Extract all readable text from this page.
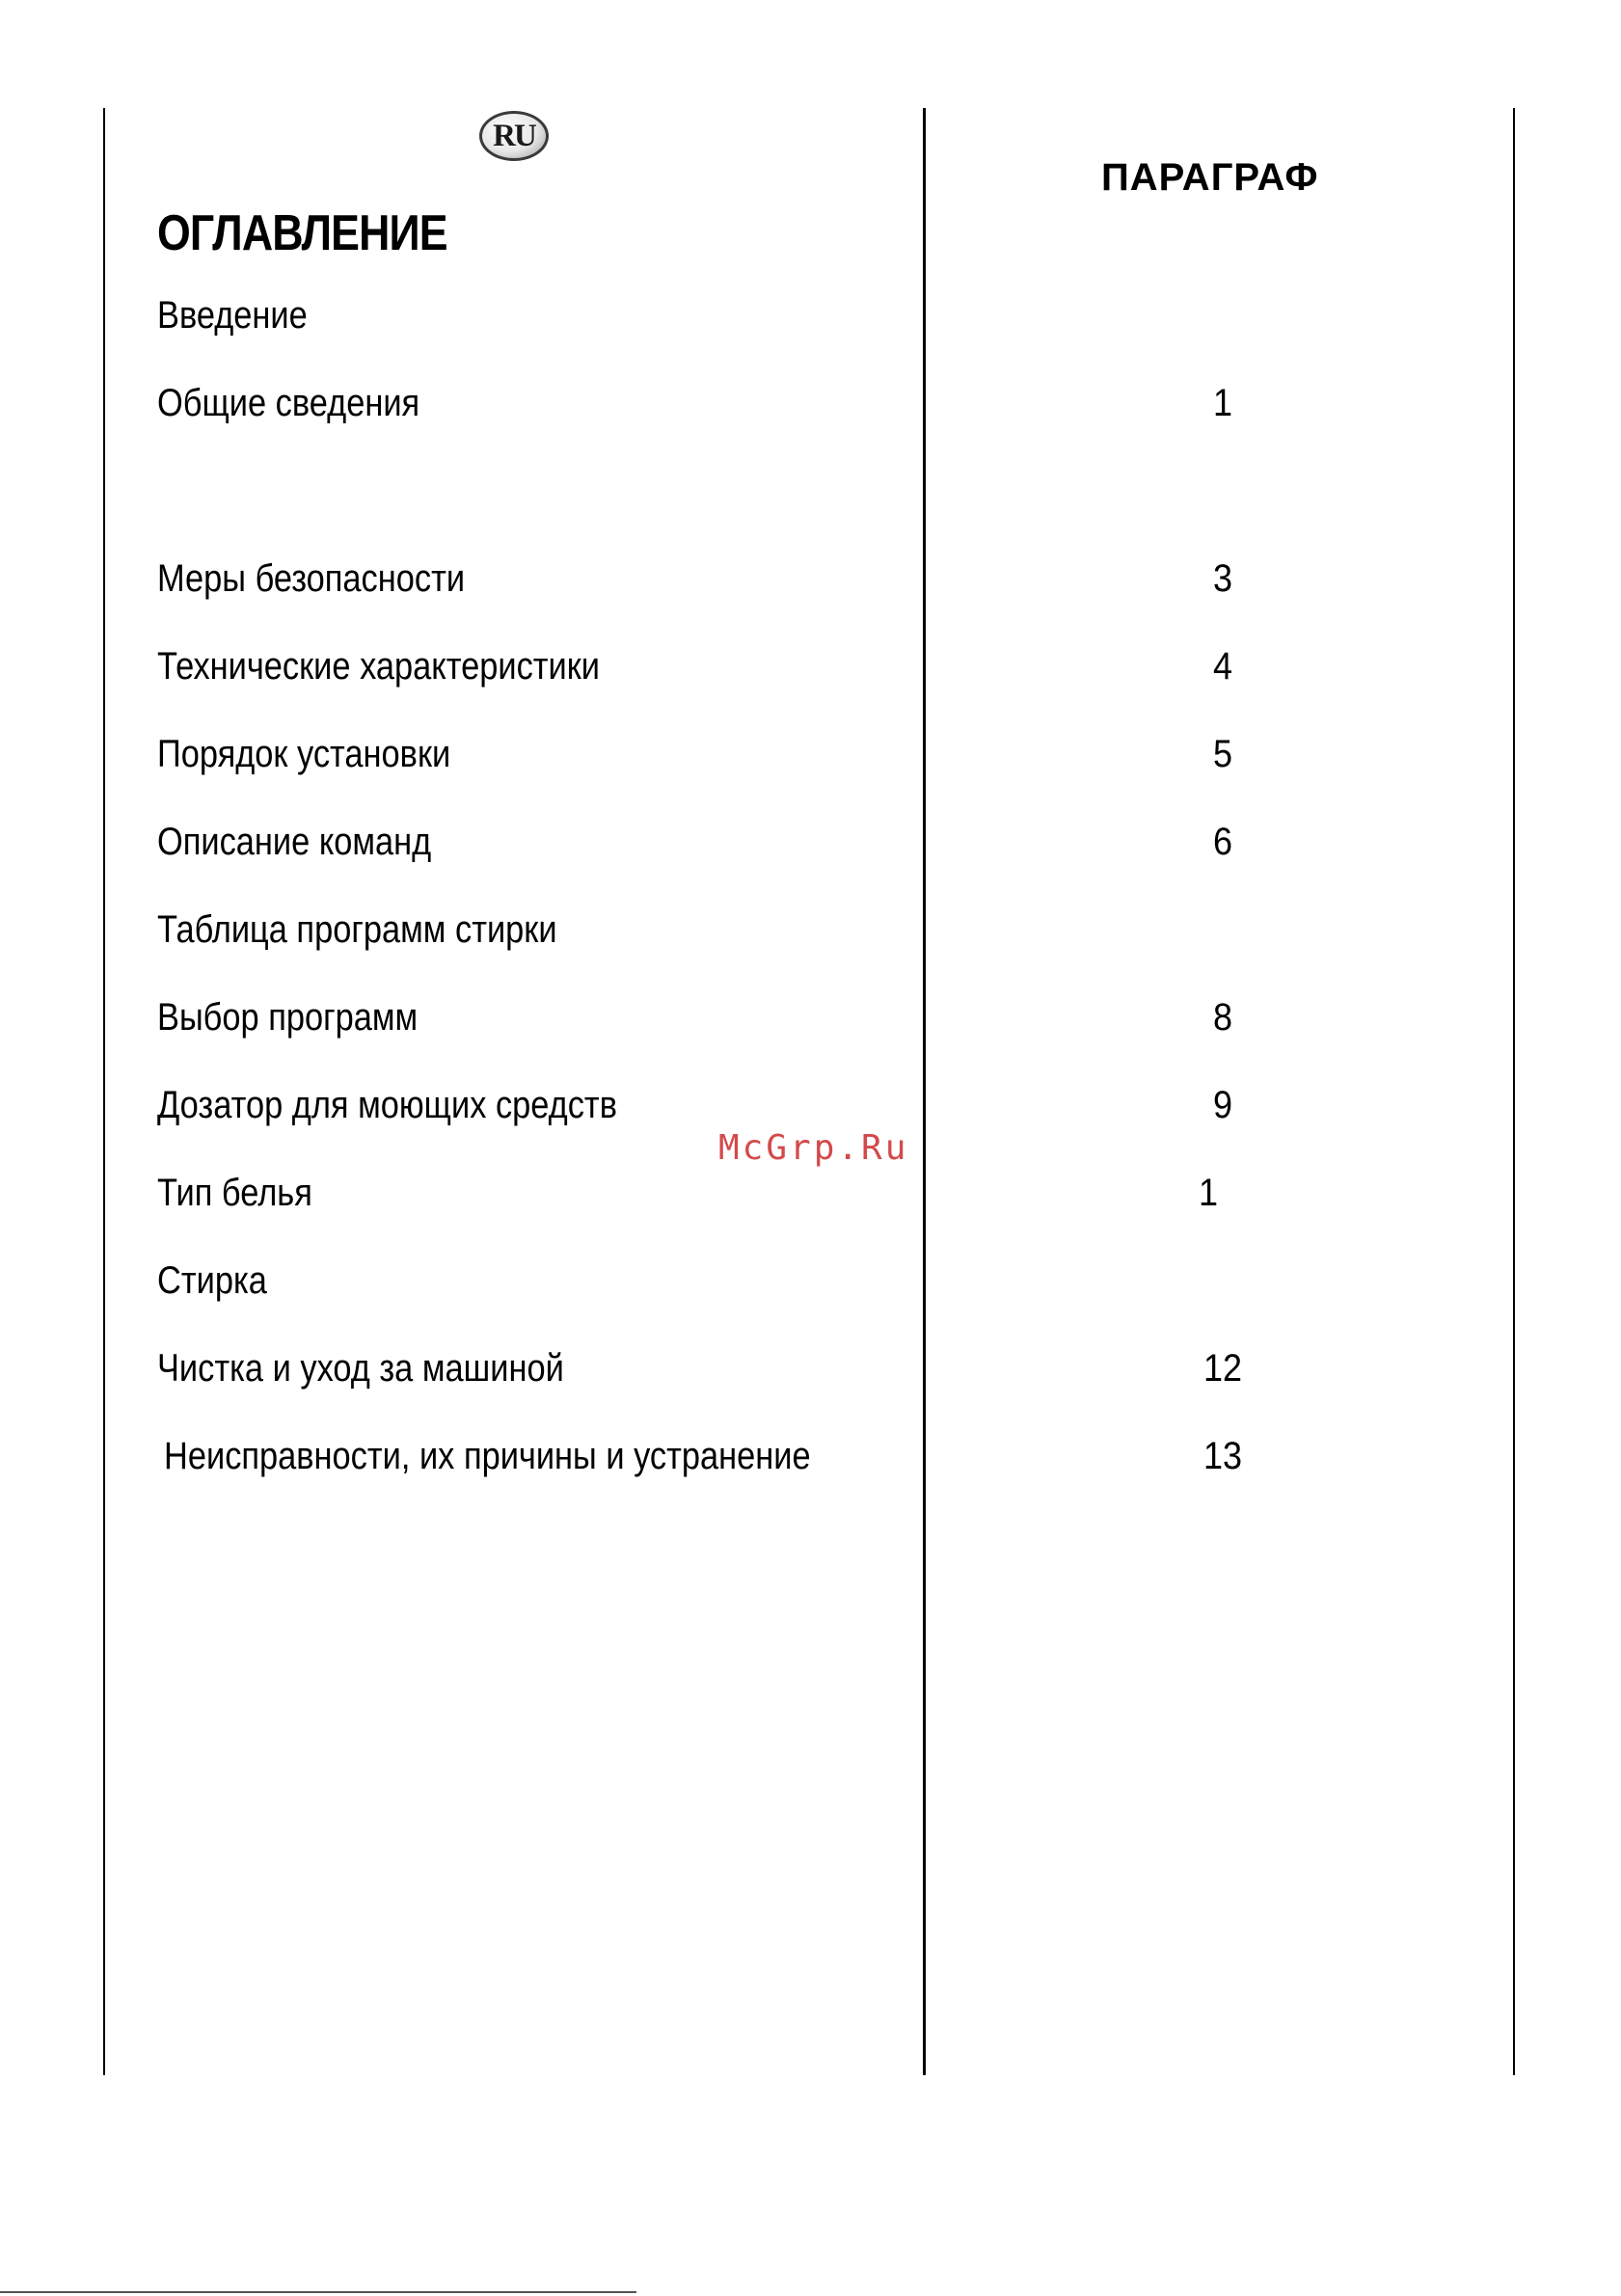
RU
ОГЛАВЛЕНИЕ
ПАРАГРАФ
Введение
Общие сведения	1
Меры безопасности	3
Технические характеристики	4
Порядок установки	5
Описание команд	6
Таблица программ стирки
Выбор программ	8
Дозатор для моющих средств	9
Тип белья	1
Стирка
Чистка и уход за машиной	12
Неисправности, их причины и устранение	13
McGrp.Ru
